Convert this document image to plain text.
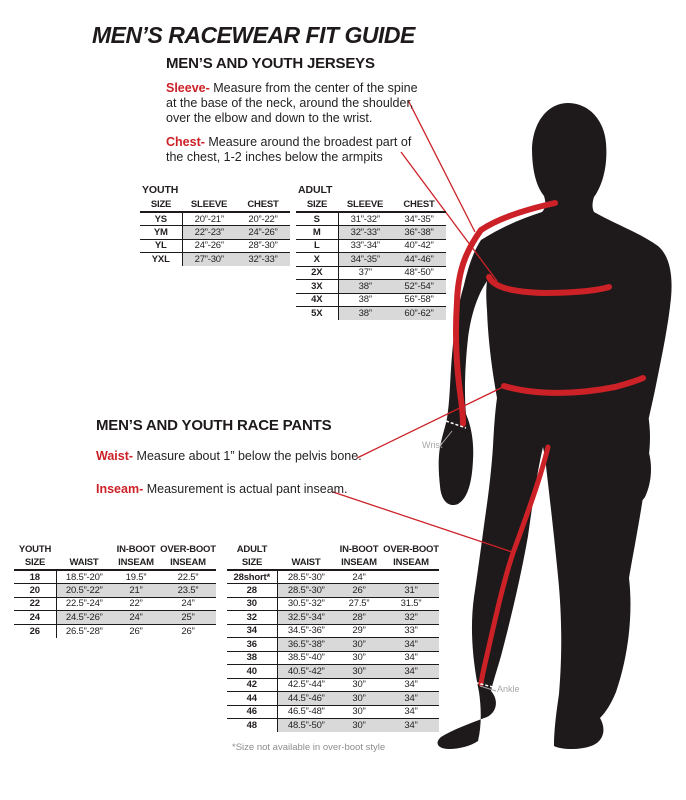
MEN’S RACEWEAR FIT GUIDE
MEN’S AND YOUTH JERSEYS
Sleeve- Measure from the center of the spine at the base of the neck, around the shoulder, over the elbow and down to the wrist.
Chest- Measure around the broadest part of the chest, 1-2 inches below the armpits
YOUTH
SIZE	SLEEVE	CHEST
YS	20”-21”	20”-22”
YM	22”-23”	24”-26”
YL	24”-26”	28”-30”
YXL	27”-30”	32”-33”
ADULT
SIZE	SLEEVE	CHEST
S	31”-32”	34”-35”
M	32”-33”	36”-38”
L	33”-34”	40”-42”
X	34”-35”	44”-46”
2X	37”	48”-50”
3X	38”	52”-54”
4X	38”	56”-58”
5X	38”	60”-62”
MEN’S AND YOUTH RACE PANTS
Waist- Measure about 1” below the pelvis bone.
Inseam- Measurement is actual pant inseam.
YOUTH		IN-BOOT	OVER-BOOT
SIZE	WAIST	INSEAM	INSEAM
18	18.5”-20”	19.5”	22.5”
20	20.5”-22”	21”	23.5”
22	22.5”-24”	22”	24”
24	24.5”-26”	24”	25”
26	26.5”-28”	26”	26”
ADULT		IN-BOOT	OVER-BOOT
SIZE	WAIST	INSEAM	INSEAM
28short*	28.5”-30”	24”	
28	28.5”-30”	26”	31”
30	30.5”-32”	27.5”	31.5”
32	32.5”-34”	28”	32”
34	34.5”-36”	29”	33”
36	36.5”-38”	30”	34”
38	38.5”-40”	30”	34”
40	40.5”-42”	30”	34”
42	42.5”-44”	30”	34”
44	44.5”-46”	30”	34”
46	46.5”-48”	30”	34”
48	48.5”-50”	30”	34”
*Size not available in over-boot style
Wrist
Ankle
